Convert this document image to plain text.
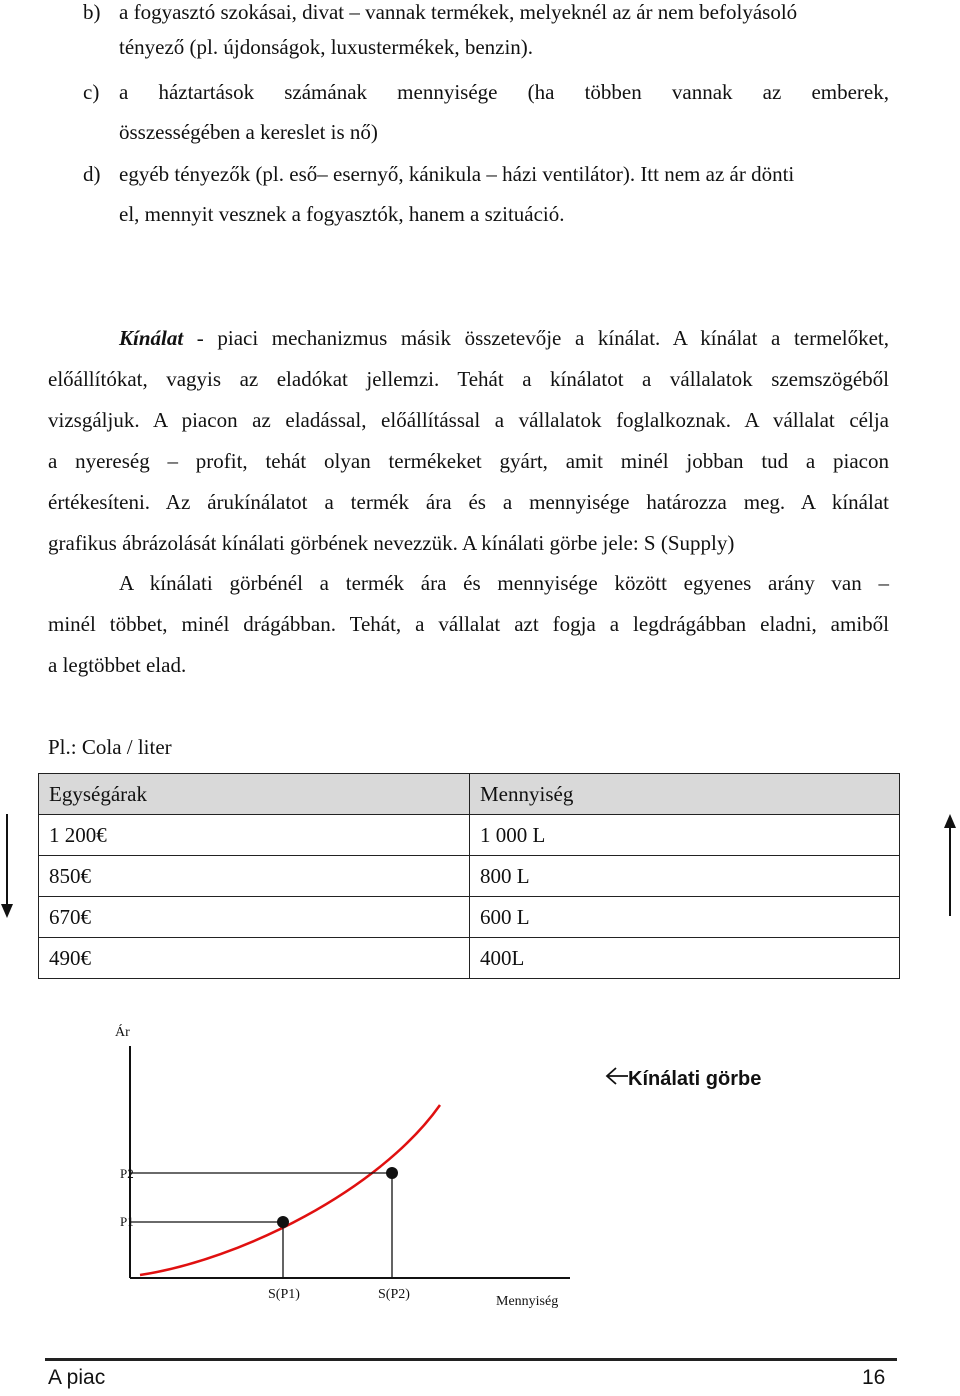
b) a fogyasztó szokásai, divat – vannak termékek, melyeknél az ár nem befolyásoló
tényező (pl. újdonságok, luxustermékek, benzin).
c) a háztartások számának mennyisége (ha többen vannak az emberek,
összességében a kereslet is nő)
d) egyéb tényezők (pl. eső– esernyő, kánikula – házi ventilátor). Itt nem az ár dönti
el, mennyit vesznek a fogyasztók, hanem a szituáció.
Kínálat - piaci mechanizmus másik összetevője a kínálat. A kínálat a termelőket,
előállítókat, vagyis az eladókat jellemzi. Tehát a kínálatot a vállalatok szemszögéből
vizsgáljuk. A piacon az eladással, előállítással a vállalatok foglalkoznak. A vállalat célja
a nyereség – profit, tehát olyan termékeket gyárt, amit minél jobban tud a piacon
értékesíteni. Az árukínálatot a termék ára és a mennyisége határozza meg. A kínálat
grafikus ábrázolását kínálati görbének nevezzük. A kínálati görbe jele: S (Supply)
A kínálati görbénél a termék ára és mennyisége között egyenes arány van –
minél többet, minél drágábban. Tehát, a vállalat azt fogja a legdrágábban eladni, amiből
a legtöbbet elad.
Pl.: Cola / liter
Egységárak	Mennyiség
1 200€	1 000 L
850€	800 L
670€	600 L
490€	400L
Ár
P2
P1
S(P1)	S(P2)	Mennyiség
Kínálati görbe
A piac	16
